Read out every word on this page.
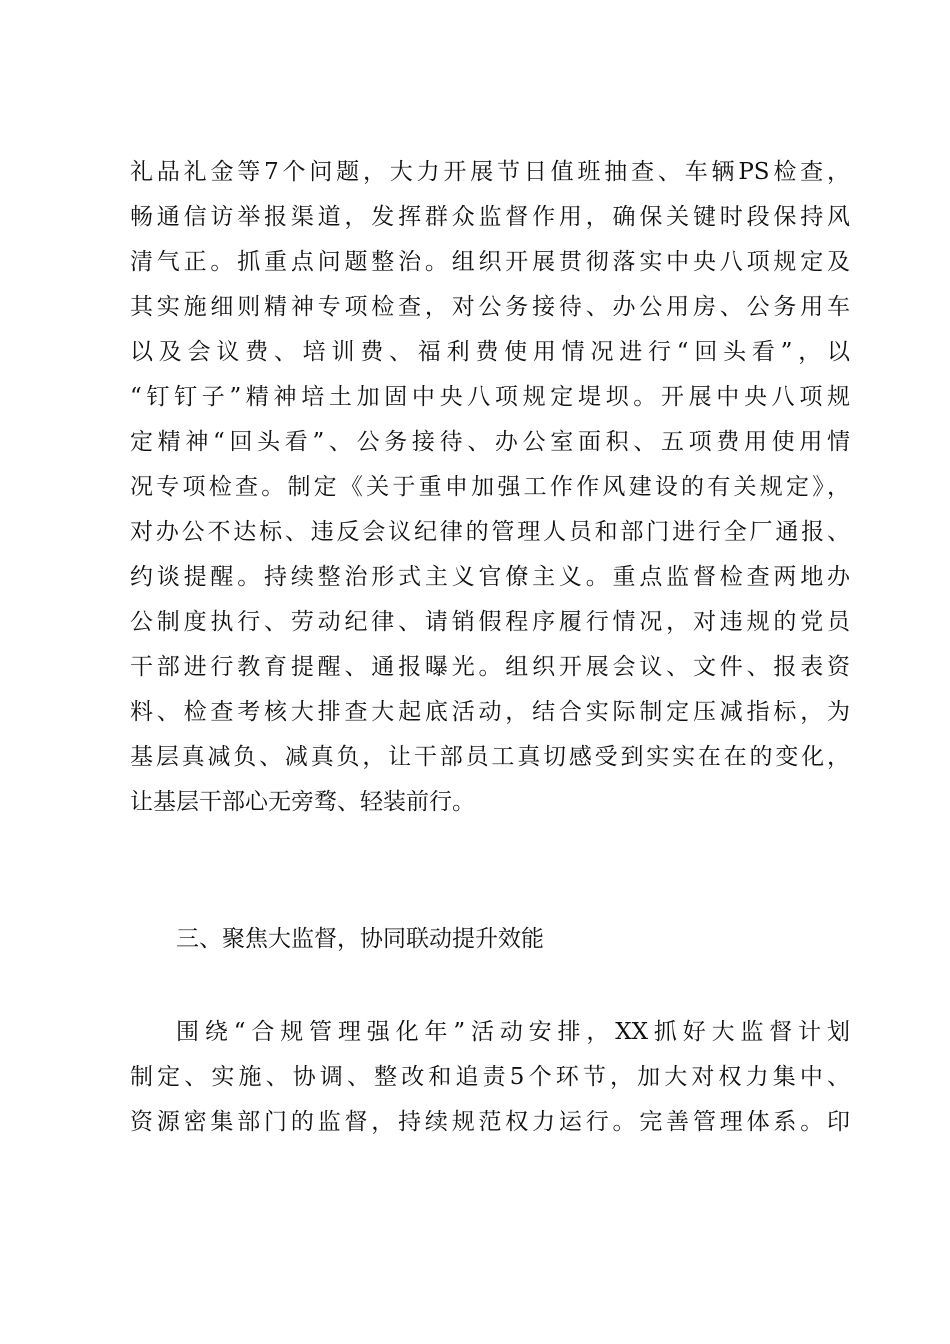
礼品礼金等7个问题，大力开展节日值班抽查、车辆PS检查，
畅通信访举报渠道，发挥群众监督作用，确保关键时段保持风
清气正。抓重点问题整治。组织开展贯彻落实中央八项规定及
其实施细则精神专项检查，对公务接待、办公用房、公务用车
以及会议费、培训费、福利费使用情况进行“回头看”，以
“钉钉子”精神培土加固中央八项规定堤坝。开展中央八项规
定精神“回头看”、公务接待、办公室面积、五项费用使用情
况专项检查。制定《关于重申加强工作作风建设的有关规定》，
对办公不达标、违反会议纪律的管理人员和部门进行全厂通报、
约谈提醒。持续整治形式主义官僚主义。重点监督检查两地办
公制度执行、劳动纪律、请销假程序履行情况，对违规的党员
干部进行教育提醒、通报曝光。组织开展会议、文件、报表资
料、检查考核大排查大起底活动，结合实际制定压减指标，为
基层真减负、减真负，让干部员工真切感受到实实在在的变化，
让基层干部心无旁骛、轻装前行。
三、聚焦大监督，协同联动提升效能
围绕“合规管理强化年”活动安排，XX抓好大监督计划
制定、实施、协调、整改和追责5个环节，加大对权力集中、
资源密集部门的监督，持续规范权力运行。完善管理体系。印
